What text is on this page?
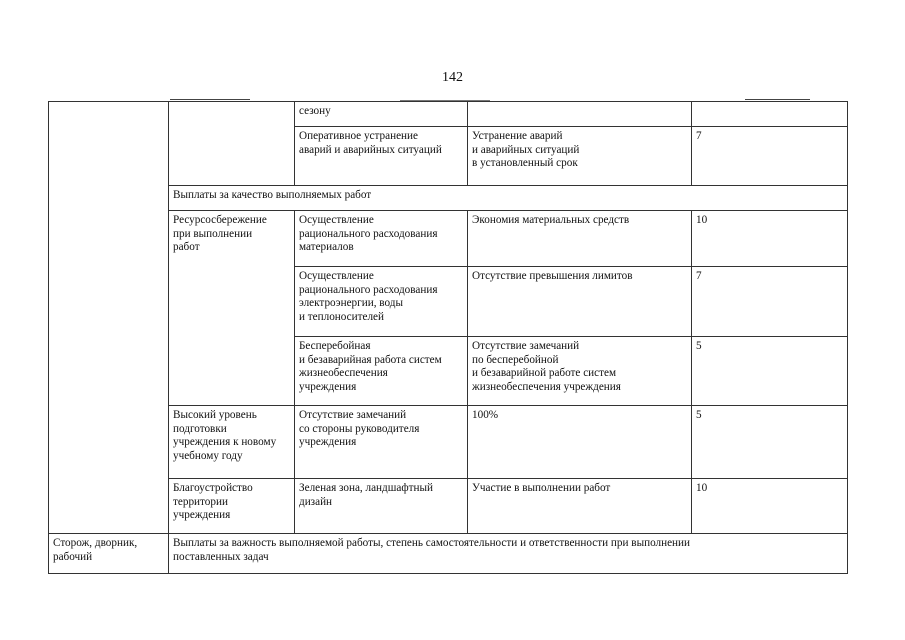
142

		сезону		

		Оперативное устранение
аварий и аварийных ситуаций	Устранение аварий
и аварийных ситуаций
в установленный срок	7

	Выплаты за качество выполняемых работ			

	Ресурсосбережение
при выполнении
работ	Осуществление
рационального расходования
материалов	Экономия материальных средств	10

		Осуществление
рационального расходования
электроэнергии, воды
и теплоносителей	Отсутствие превышения лимитов	7

		Бесперебойная
и безаварийная работа систем
жизнеобеспечения
учреждения	Отсутствие замечаний
по бесперебойной
и безаварийной работе систем
жизнеобеспечения учреждения	5

	Высокий уровень
подготовки
учреждения к новому
учебному году	Отсутствие замечаний
со стороны руководителя
учреждения	100%	5

	Благоустройство
территории
учреждения	Зеленая зона, ландшафтный
дизайн	Участие в выполнении работ	10

Сторож, дворник,
рабочий	Выплаты за важность выполняемой работы, степень самостоятельности и ответственности при выполнении
поставленных задач			
